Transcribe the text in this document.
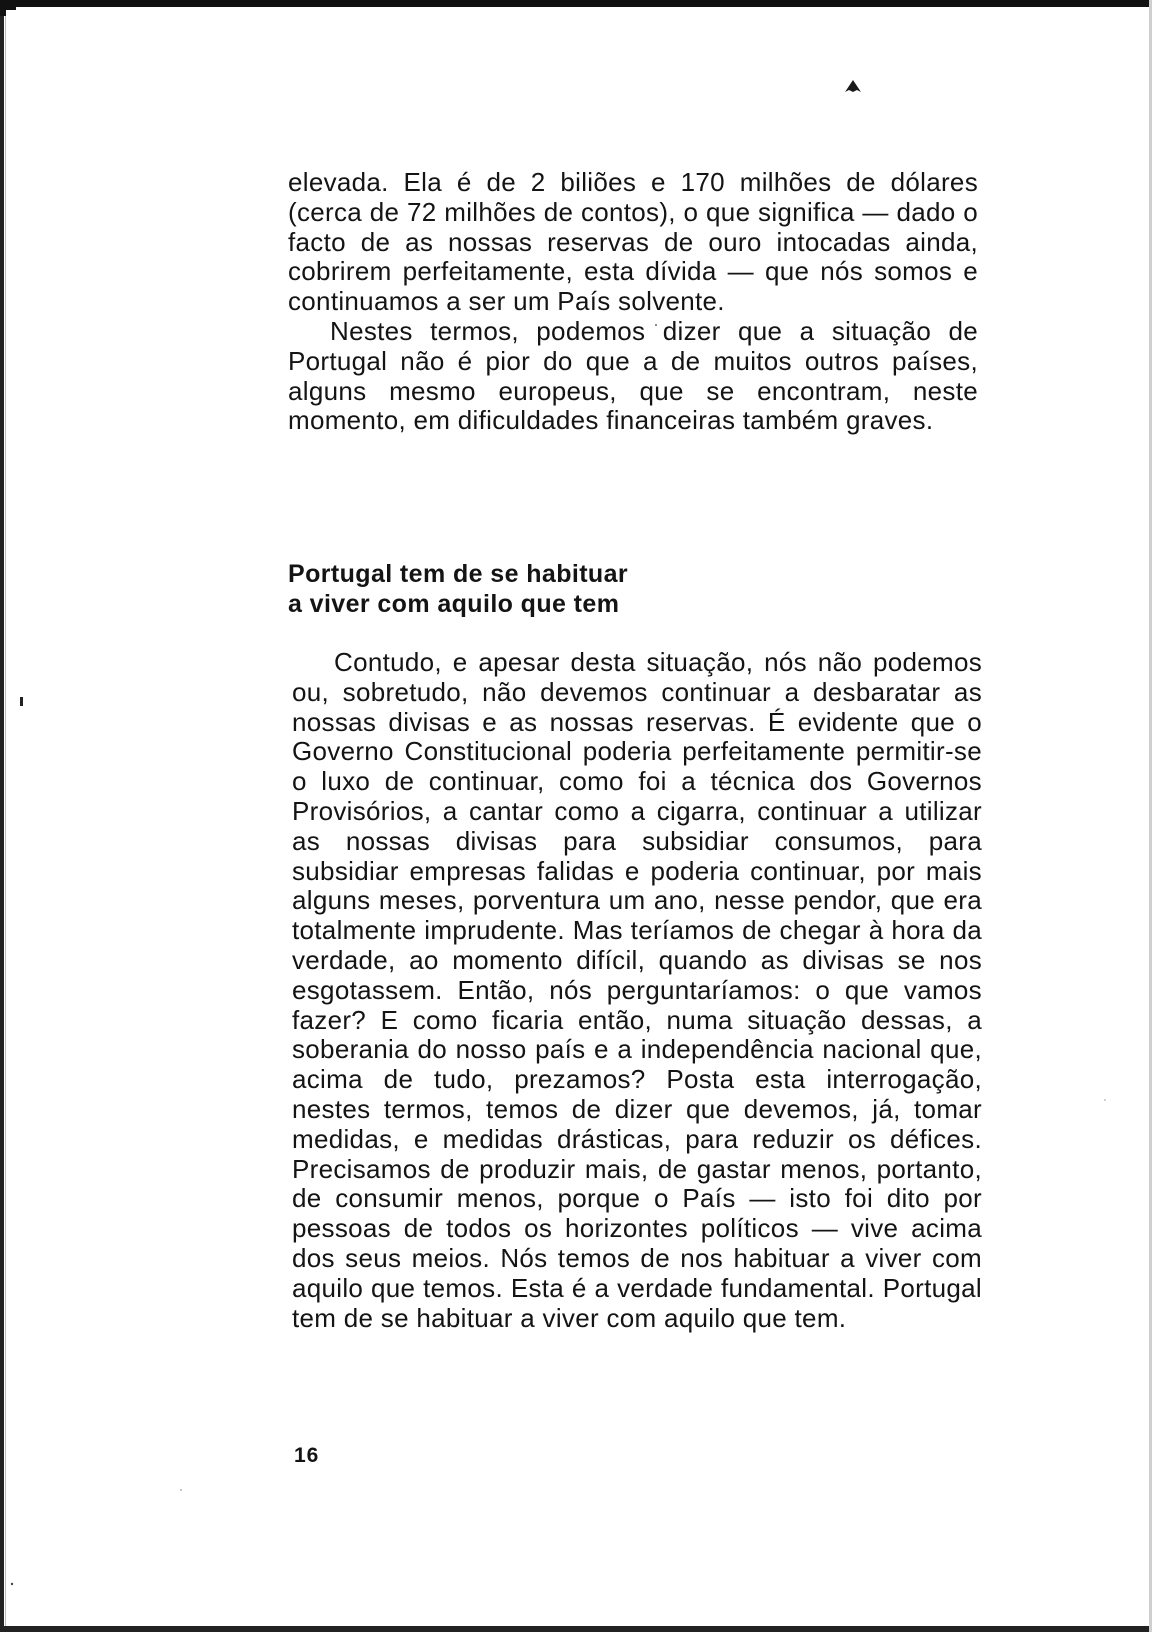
elevada. Ela é de 2 biliões e 170 milhões de dólares (cerca de 72 milhões de contos), o que significa — dado o facto de as nossas reservas de ouro intocadas ainda, cobrirem perfeitamente, esta dívida — que nós somos e continuamos a ser um País solvente.

Nestes termos, podemos dizer que a situação de Portugal não é pior do que a de muitos outros países, alguns mesmo europeus, que se encontram, neste momento, em dificuldades financeiras também graves.

Portugal tem de se habituar
a viver com aquilo que tem

Contudo, e apesar desta situação, nós não podemos ou, sobretudo, não devemos continuar a desbaratar as nossas divisas e as nossas reservas. É evidente que o Governo Constitucional poderia perfeitamente permitir-se o luxo de continuar, como foi a técnica dos Governos Provisórios, a cantar como a cigarra, continuar a utilizar as nossas divisas para subsidiar consumos, para subsidiar empresas falidas e poderia continuar, por mais alguns meses, porventura um ano, nesse pendor, que era totalmente imprudente. Mas teríamos de chegar à hora da verdade, ao momento difícil, quando as divisas se nos esgotassem. Então, nós perguntaríamos: o que vamos fazer? E como ficaria então, numa situação dessas, a soberania do nosso país e a independência nacional que, acima de tudo, prezamos? Posta esta interrogação, nestes termos, temos de dizer que devemos, já, tomar medidas, e medidas drásticas, para reduzir os défices. Precisamos de produzir mais, de gastar menos, portanto, de consumir menos, porque o País — isto foi dito por pessoas de todos os horizontes políticos — vive acima dos seus meios. Nós temos de nos habituar a viver com aquilo que temos. Esta é a verdade fundamental. Portugal tem de se habituar a viver com aquilo que tem.

16
